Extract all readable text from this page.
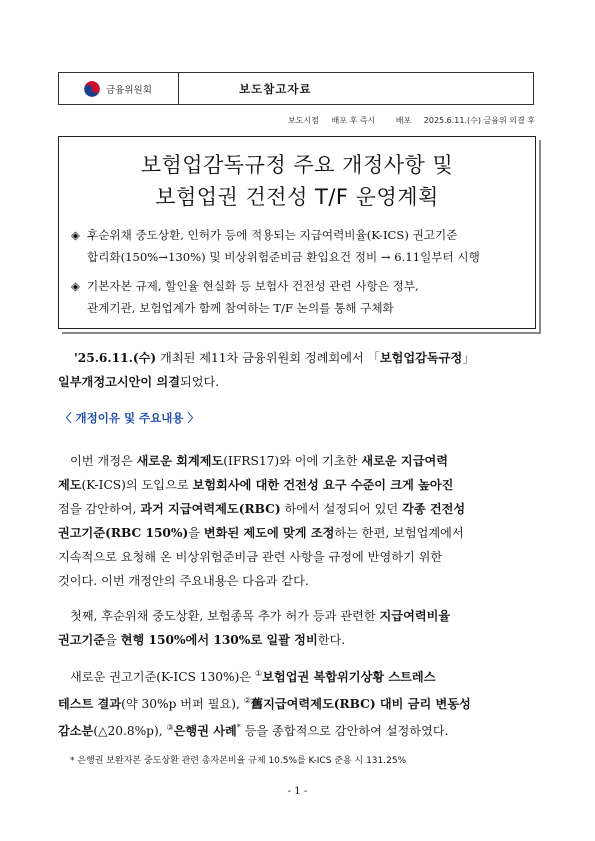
금융위원회	보도참고자료
보도시점 배포 후 즉시	배포 2025.6.11.(수) 금융위 의결 후
보험업감독규정 주요 개정사항 및
보험업권 건전성 T/F 운영계획
◈ 후순위채 중도상환, 인허가 등에 적용되는 지급여력비율(K-ICS) 권고기준
합리화(150%→130%) 및 비상위험준비금 환입요건 정비 → 6.11일부터 시행
◈ 기본자본 규제, 할인율 현실화 등 보험사 건전성 관련 사항은 정부,
관계기관, 보험업계가 함께 참여하는 T/F 논의를 통해 구체화
'25.6.11.(수) 개최된 제11차 금융위원회 정례회에서 「보험업감독규정」
일부개정고시안이 의결되었다.
〈 개정이유 및 주요내용 〉
이번 개정은 새로운 회계제도(IFRS17)와 이에 기초한 새로운 지급여력
제도(K-ICS)의 도입으로 보험회사에 대한 건전성 요구 수준이 크게 높아진
점을 감안하여, 과거 지급여력제도(RBC) 하에서 설정되어 있던 각종 건전성
권고기준(RBC 150%)을 변화된 제도에 맞게 조정하는 한편, 보험업계에서
지속적으로 요청해 온 비상위험준비금 관련 사항을 규정에 반영하기 위한
것이다. 이번 개정안의 주요내용은 다음과 같다.
첫째, 후순위채 중도상환, 보험종목 추가 허가 등과 관련한 지급여력비율
권고기준을 현행 150%에서 130%로 일괄 정비한다.
새로운 권고기준(K-ICS 130%)은 ①보험업권 복합위기상황 스트레스
테스트 결과(약 30%p 버퍼 필요), ②舊지급여력제도(RBC) 대비 금리 변동성
감소분(△20.8%p), ③은행권 사례* 등을 종합적으로 감안하여 설정하였다.
* 은행권 보완자본 중도상환 관련 총자본비율 규제 10.5%를 K-ICS 준용 시 131.25%
- 1 -
